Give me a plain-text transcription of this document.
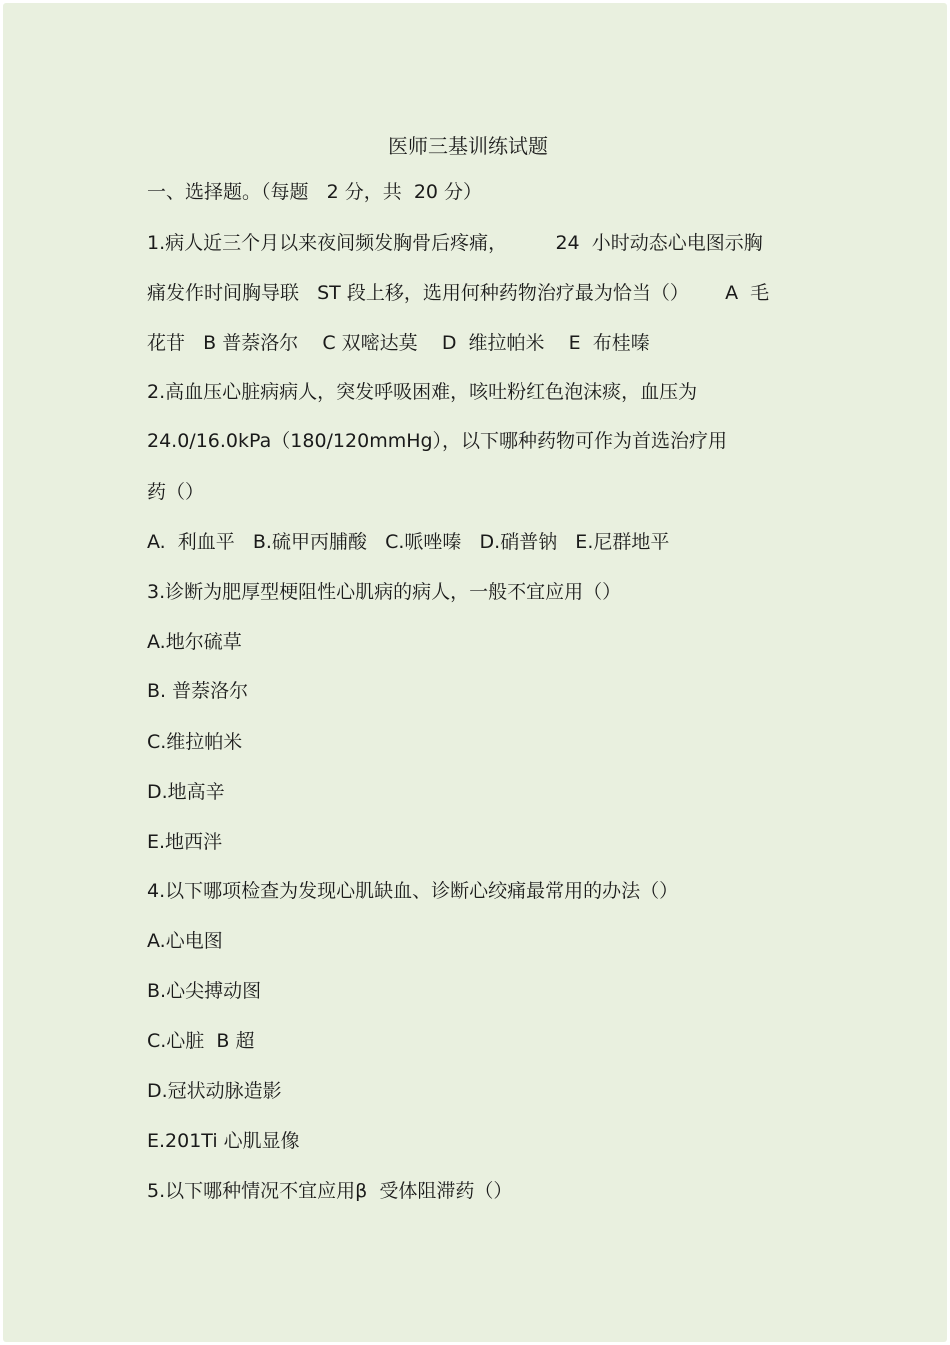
医师三基训练试题
一、选择题。（每题   2 分，共  20 分）
1.病人近三个月以来夜间频发胸骨后疼痛，        24  小时动态心电图示胸
痛发作时间胸导联   ST 段上移，选用何种药物治疗最为恰当（）      A  毛
花苷   B 普萘洛尔    C 双嘧达莫    D  维拉帕米    E  布桂嗪
2.高血压心脏病病人，突发呼吸困难，咳吐粉红色泡沫痰，血压为
24.0/16.0kPa（180/120mmHg），以下哪种药物可作为首选治疗用
药（）
A.  利血平   B.硫甲丙脯酸   C.哌唑嗪   D.硝普钠   E.尼群地平
3.诊断为肥厚型梗阻性心肌病的病人，一般不宜应用（）
A.地尔硫草
B. 普萘洛尔
C.维拉帕米
D.地高辛
E.地西泮
4.以下哪项检查为发现心肌缺血、诊断心绞痛最常用的办法（）
A.心电图
B.心尖搏动图
C.心脏  B 超
D.冠状动脉造影
E.201Ti 心肌显像
5.以下哪种情况不宜应用β  受体阻滞药（）
